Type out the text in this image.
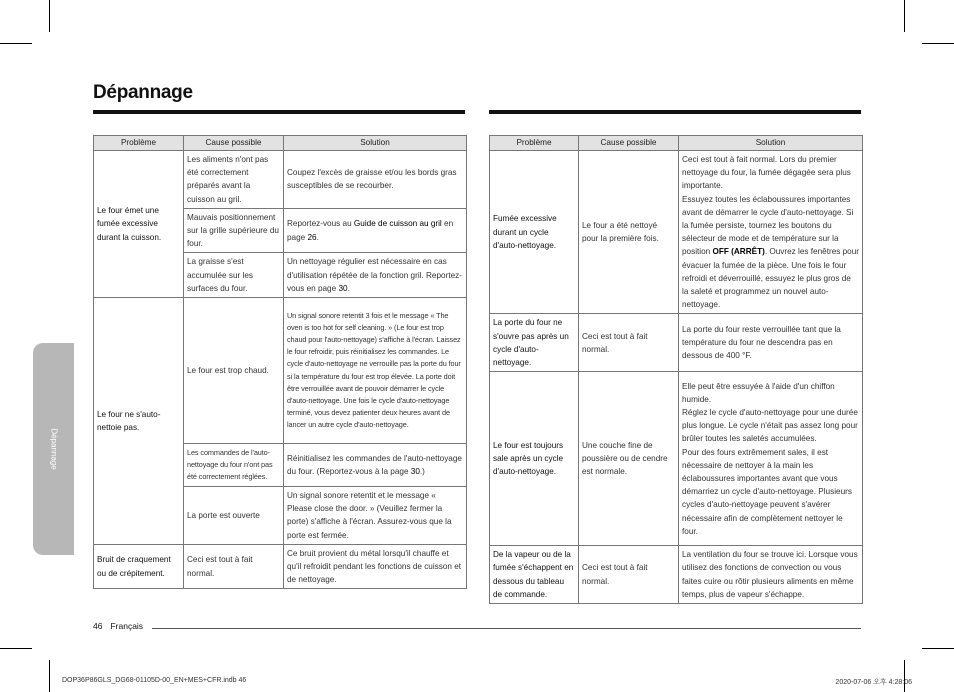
Dépannage
Dépannage
Problème	Cause possible	Solution
Le four émet une fumée excessive durant la cuisson.	Les aliments n'ont pas été correctement préparés avant la cuisson au gril.	Coupez l'excès de graisse et/ou les bords gras susceptibles de se recourber.
	Mauvais positionnement sur la grille supérieure du four.	Reportez-vous au Guide de cuisson au gril en page 26.
	La graisse s'est accumulée sur les surfaces du four.	Un nettoyage régulier est nécessaire en cas d'utilisation répétée de la fonction gril. Reportez-vous en page 30.
Le four ne s'auto-nettoie pas.	Le four est trop chaud.	Un signal sonore retentit 3 fois et le message « The oven is too hot for self cleaning. » (Le four est trop chaud pour l'auto-nettoyage) s'affiche à l'écran. Laissez le four refroidir, puis réinitialisez les commandes. Le cycle d'auto-nettoyage ne verrouille pas la porte du four si la température du four est trop élevée. La porte doit être verrouillée avant de pouvoir démarrer le cycle d'auto-nettoyage. Une fois le cycle d'auto-nettoyage terminé, vous devez patienter deux heures avant de lancer un autre cycle d'auto-nettoyage.
	Les commandes de l'auto-nettoyage du four n'ont pas été correctement réglées.	Réinitialisez les commandes de l'auto-nettoyage du four. (Reportez-vous à la page 30.)
	La porte est ouverte	Un signal sonore retentit et le message « Please close the door. » (Veuillez fermer la porte) s'affiche à l'écran. Assurez-vous que la porte est fermée.
Bruit de craquement ou de crépitement.	Ceci est tout à fait normal.	Ce bruit provient du métal lorsqu'il chauffe et qu'il refroidit pendant les fonctions de cuisson et de nettoyage.
Problème	Cause possible	Solution
Fumée excessive durant un cycle d'auto-nettoyage.	Le four a été nettoyé pour la première fois.	Ceci est tout à fait normal. Lors du premier nettoyage du four, la fumée dégagée sera plus importante.
Essuyez toutes les éclaboussures importantes avant de démarrer le cycle d'auto-nettoyage. Si la fumée persiste, tournez les boutons du sélecteur de mode et de température sur la position OFF (ARRÊT). Ouvrez les fenêtres pour évacuer la fumée de la pièce. Une fois le four refroidi et déverrouillé, essuyez le plus gros de la saleté et programmez un nouvel auto-nettoyage.

La porte du four ne s'ouvre pas après un cycle d'auto-nettoyage.	Ceci est tout à fait normal.	La porte du four reste verrouillée tant que la température du four ne descendra pas en dessous de 400 °F.
Le four est toujours sale après un cycle d'auto-nettoyage.	Une couche fine de poussière ou de cendre est normale.	Elle peut être essuyée à l'aide d'un chiffon humide.
Réglez le cycle d'auto-nettoyage pour une durée plus longue. Le cycle n'était pas assez long pour brûler toutes les saletés accumulées.
Pour des fours extrêmement sales, il est nécessaire de nettoyer à la main les éclaboussures importantes avant que vous démarriez un cycle d'auto-nettoyage. Plusieurs cycles d'auto-nettoyage peuvent s'avérer nécessaire afin de complètement nettoyer le four.

De la vapeur ou de la fumée s'échappent en dessous du tableau de commande.	Ceci est tout à fait normal.	La ventilation du four se trouve ici. Lorsque vous utilisez des fonctions de convection ou vous faites cuire ou rôtir plusieurs aliments en même temps, plus de vapeur s'échappe.
46 Français
DOP36P86GLS_DG68-01105D-00_EN+MES+CFR.indb 46	2020-07-06 오후 4:28:06
